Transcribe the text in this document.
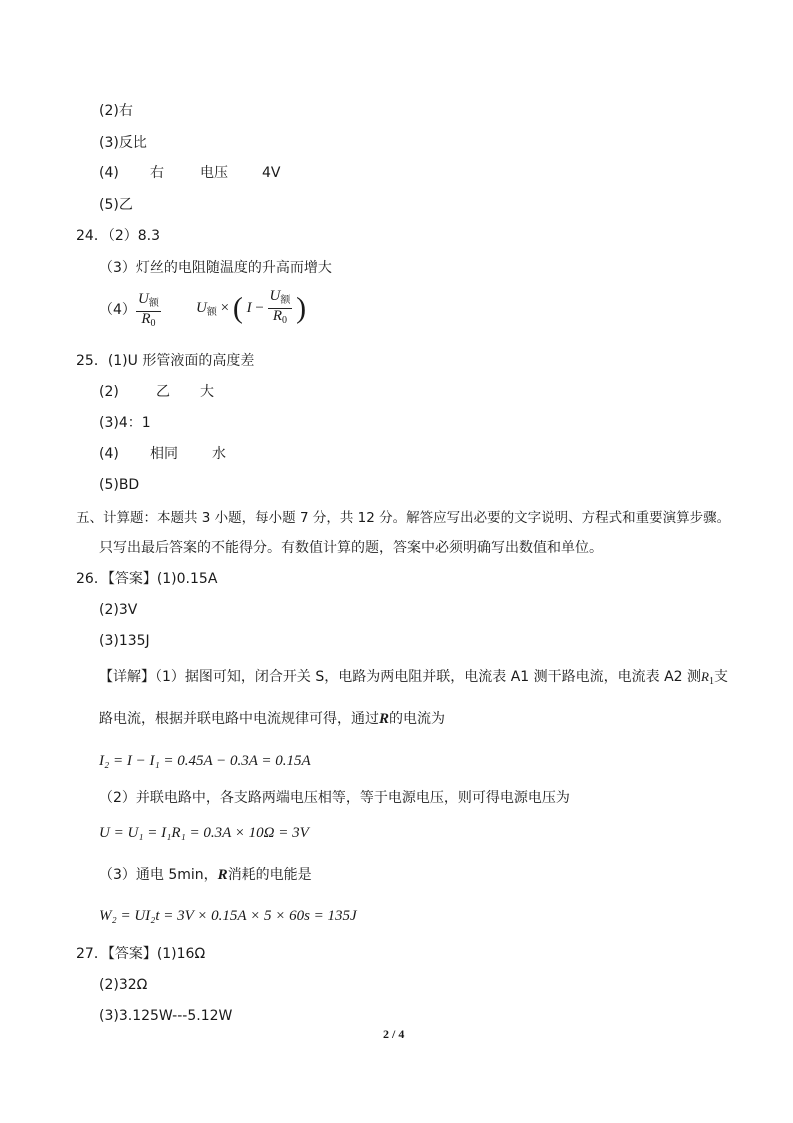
(2)右
(3)反比
(4) 右	电压 4V
(5)乙
24．（2）8.3
（3）灯丝的电阻随温度的升高而增大
$(4) \frac{U_额}{R_0} U_额$ × ( $I - \frac{U_额}{R_0}$ )
25．(1)U 形管液面的高度差
(2)	乙 大
(3)4：1
(4) 相同 水
(5)BD
五、计算题：本题共 3 小题，每小题 7 分，共 12 分。解答应写出必要的文字说明、方程式和重要演算步骤。
只写出最后答案的不能得分。有数值计算的题，答案中必须明确写出数值和单位。
26．【答案】(1)0.15A
(2)3V
(3)135J
【详解】（1）据图可知，闭合开关 S，电路为两电阻并联，电流表 A1 测干路电流，电流表 A2 测$R_1$支
路电流，根据并联电路中电流规律可得，通过R的电流为
I₂ = I − I₁ = 0.45A − 0.3A = 0.15A
（2）并联电路中，各支路两端电压相等，等于电源电压，则可得电源电压为
U = U₁ = I₁R₁ = 0.3A × 10Ω = 3V
（3）通电 5min，R消耗的电能是
W₂ = UI₂t = 3V × 0.15A × 5 × 60s = 135J
27．【答案】(1)16Ω
(2)32Ω
(3)3.125W---5.12W
2 / 4
